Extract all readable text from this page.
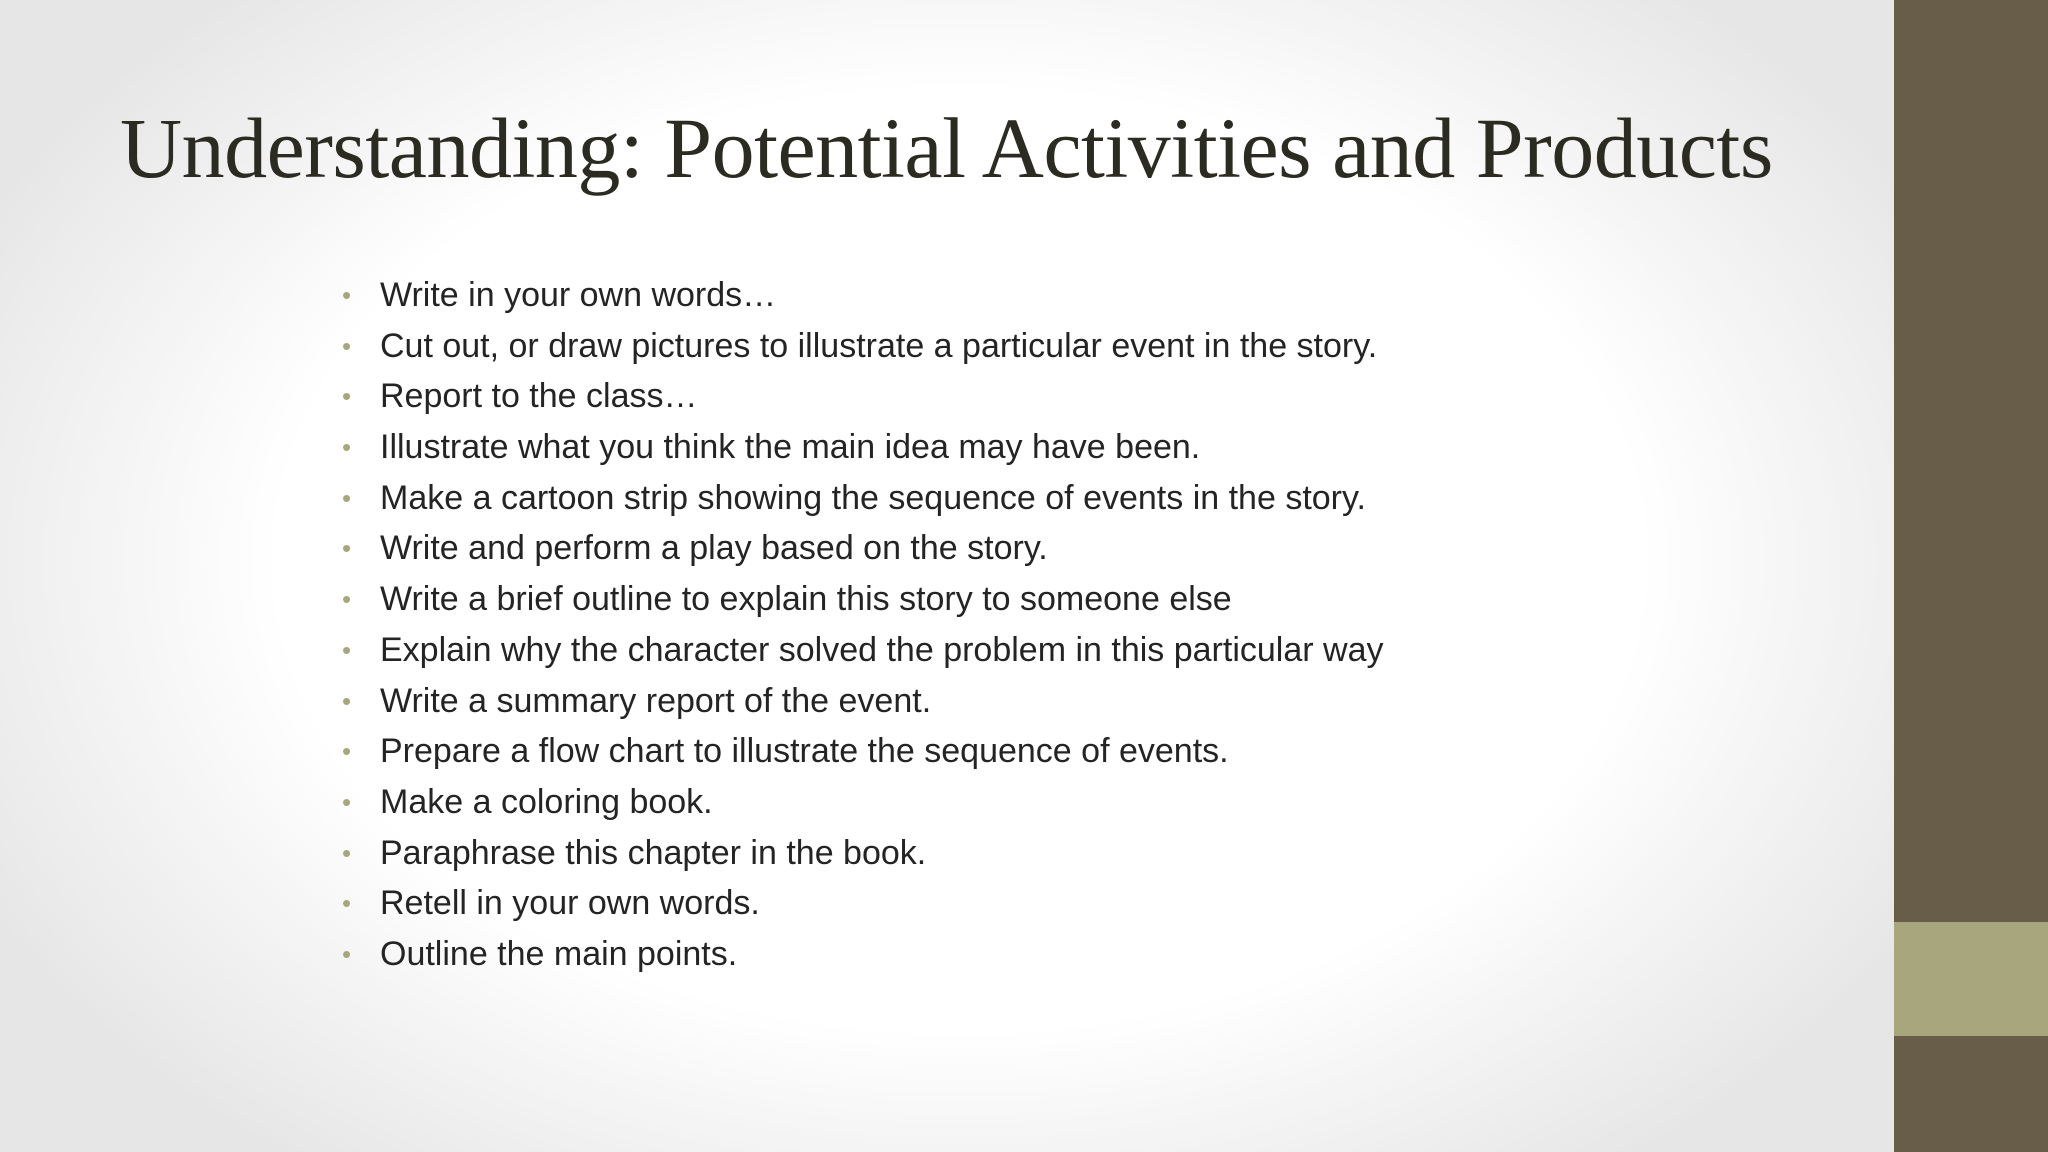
Understanding: Potential Activities and Products
• Write in your own words…
• Cut out, or draw pictures to illustrate a particular event in the story.
• Report to the class…
• Illustrate what you think the main idea may have been.
• Make a cartoon strip showing the sequence of events in the story.
• Write and perform a play based on the story.
• Write a brief outline to explain this story to someone else
• Explain why the character solved the problem in this particular way
• Write a summary report of the event.
• Prepare a flow chart to illustrate the sequence of events.
• Make a coloring book.
• Paraphrase this chapter in the book.
• Retell in your own words.
• Outline the main points.
